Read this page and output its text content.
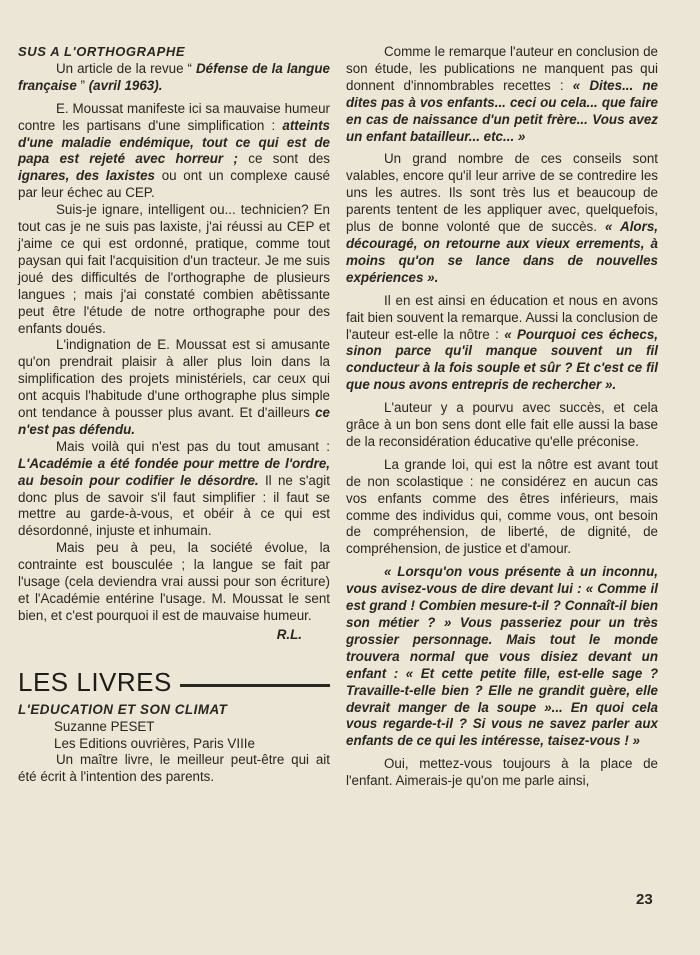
SUS A L'ORTHOGRAPHE

Un article de la revue “ Défense de la langue française ” (avril 1963).

E. Moussat manifeste ici sa mauvaise humeur contre les partisans d'une simplification : atteints d'une maladie endémique, tout ce qui est de papa est rejeté avec horreur ; ce sont des ignares, des laxistes ou ont un complexe causé par leur échec au CEP.

Suis-je ignare, intelligent ou... technicien? En tout cas je ne suis pas laxiste, j'ai réussi au CEP et j'aime ce qui est ordonné, pratique, comme tout paysan qui fait l'acquisition d'un tracteur. Je me suis joué des difficultés de l'orthographe de plusieurs langues ; mais j'ai constaté combien abêtissante peut être l'étude de notre orthographe pour des enfants doués.

L'indignation de E. Moussat est si amusante qu'on prendrait plaisir à aller plus loin dans la simplification des projets ministériels, car ceux qui ont acquis l'habitude d'une orthographe plus simple ont tendance à pousser plus avant. Et d'ailleurs ce n'est pas défendu.

Mais voilà qui n'est pas du tout amusant : L'Académie a été fondée pour mettre de l'ordre, au besoin pour codifier le désordre. Il ne s'agit donc plus de savoir s'il faut simplifier : il faut se mettre au garde-à-vous, et obéir à ce qui est désordonné, injuste et inhumain.

Mais peu à peu, la société évolue, la contrainte est bousculée ; la langue se fait par l'usage (cela deviendra vrai aussi pour son écriture) et l'Académie entérine l'usage. M. Moussat le sent bien, et c'est pourquoi il est de mauvaise humeur.

R.L.

LES LIVRES

L'EDUCATION ET SON CLIMAT

Suzanne PESET

Les Editions ouvrières, Paris VIIIe

Un maître livre, le meilleur peut-être qui ait été écrit à l'intention des parents.

Comme le remarque l'auteur en conclusion de son étude, les publications ne manquent pas qui donnent d'innombrables recettes : « Dites... ne dites pas à vos enfants... ceci ou cela... que faire en cas de naissance d'un petit frère... Vous avez un enfant batailleur... etc... »

Un grand nombre de ces conseils sont valables, encore qu'il leur arrive de se contredire les uns les autres. Ils sont très lus et beaucoup de parents tentent de les appliquer avec, quelquefois, plus de bonne volonté que de succès. « Alors, découragé, on retourne aux vieux errements, à moins qu'on se lance dans de nouvelles expériences ».

Il en est ainsi en éducation et nous en avons fait bien souvent la remarque. Aussi la conclusion de l'auteur est-elle la nôtre : « Pourquoi ces échecs, sinon parce qu'il manque souvent un fil conducteur à la fois souple et sûr ? Et c'est ce fil que nous avons entrepris de rechercher ».

L'auteur y a pourvu avec succès, et cela grâce à un bon sens dont elle fait elle aussi la base de la reconsidération éducative qu'elle préconise.

La grande loi, qui est la nôtre est avant tout de non scolastique : ne considérez en aucun cas vos enfants comme des êtres inférieurs, mais comme des individus qui, comme vous, ont besoin de compréhension, de liberté, de dignité, de compréhension, de justice et d'amour.

« Lorsqu'on vous présente à un inconnu, vous avisez-vous de dire devant lui : « Comme il est grand ! Combien mesure-t-il ? Connaît-il bien son métier ? » Vous passeriez pour un très grossier personnage. Mais tout le monde trouvera normal que vous disiez devant un enfant : « Et cette petite fille, est-elle sage ? Travaille-t-elle bien ? Elle ne grandit guère, elle devrait manger de la soupe »... En quoi cela vous regarde-t-il ? Si vous ne savez parler aux enfants de ce qui les intéresse, taisez-vous ! »

Oui, mettez-vous toujours à la place de l'enfant. Aimerais-je qu'on me parle ainsi,

23
